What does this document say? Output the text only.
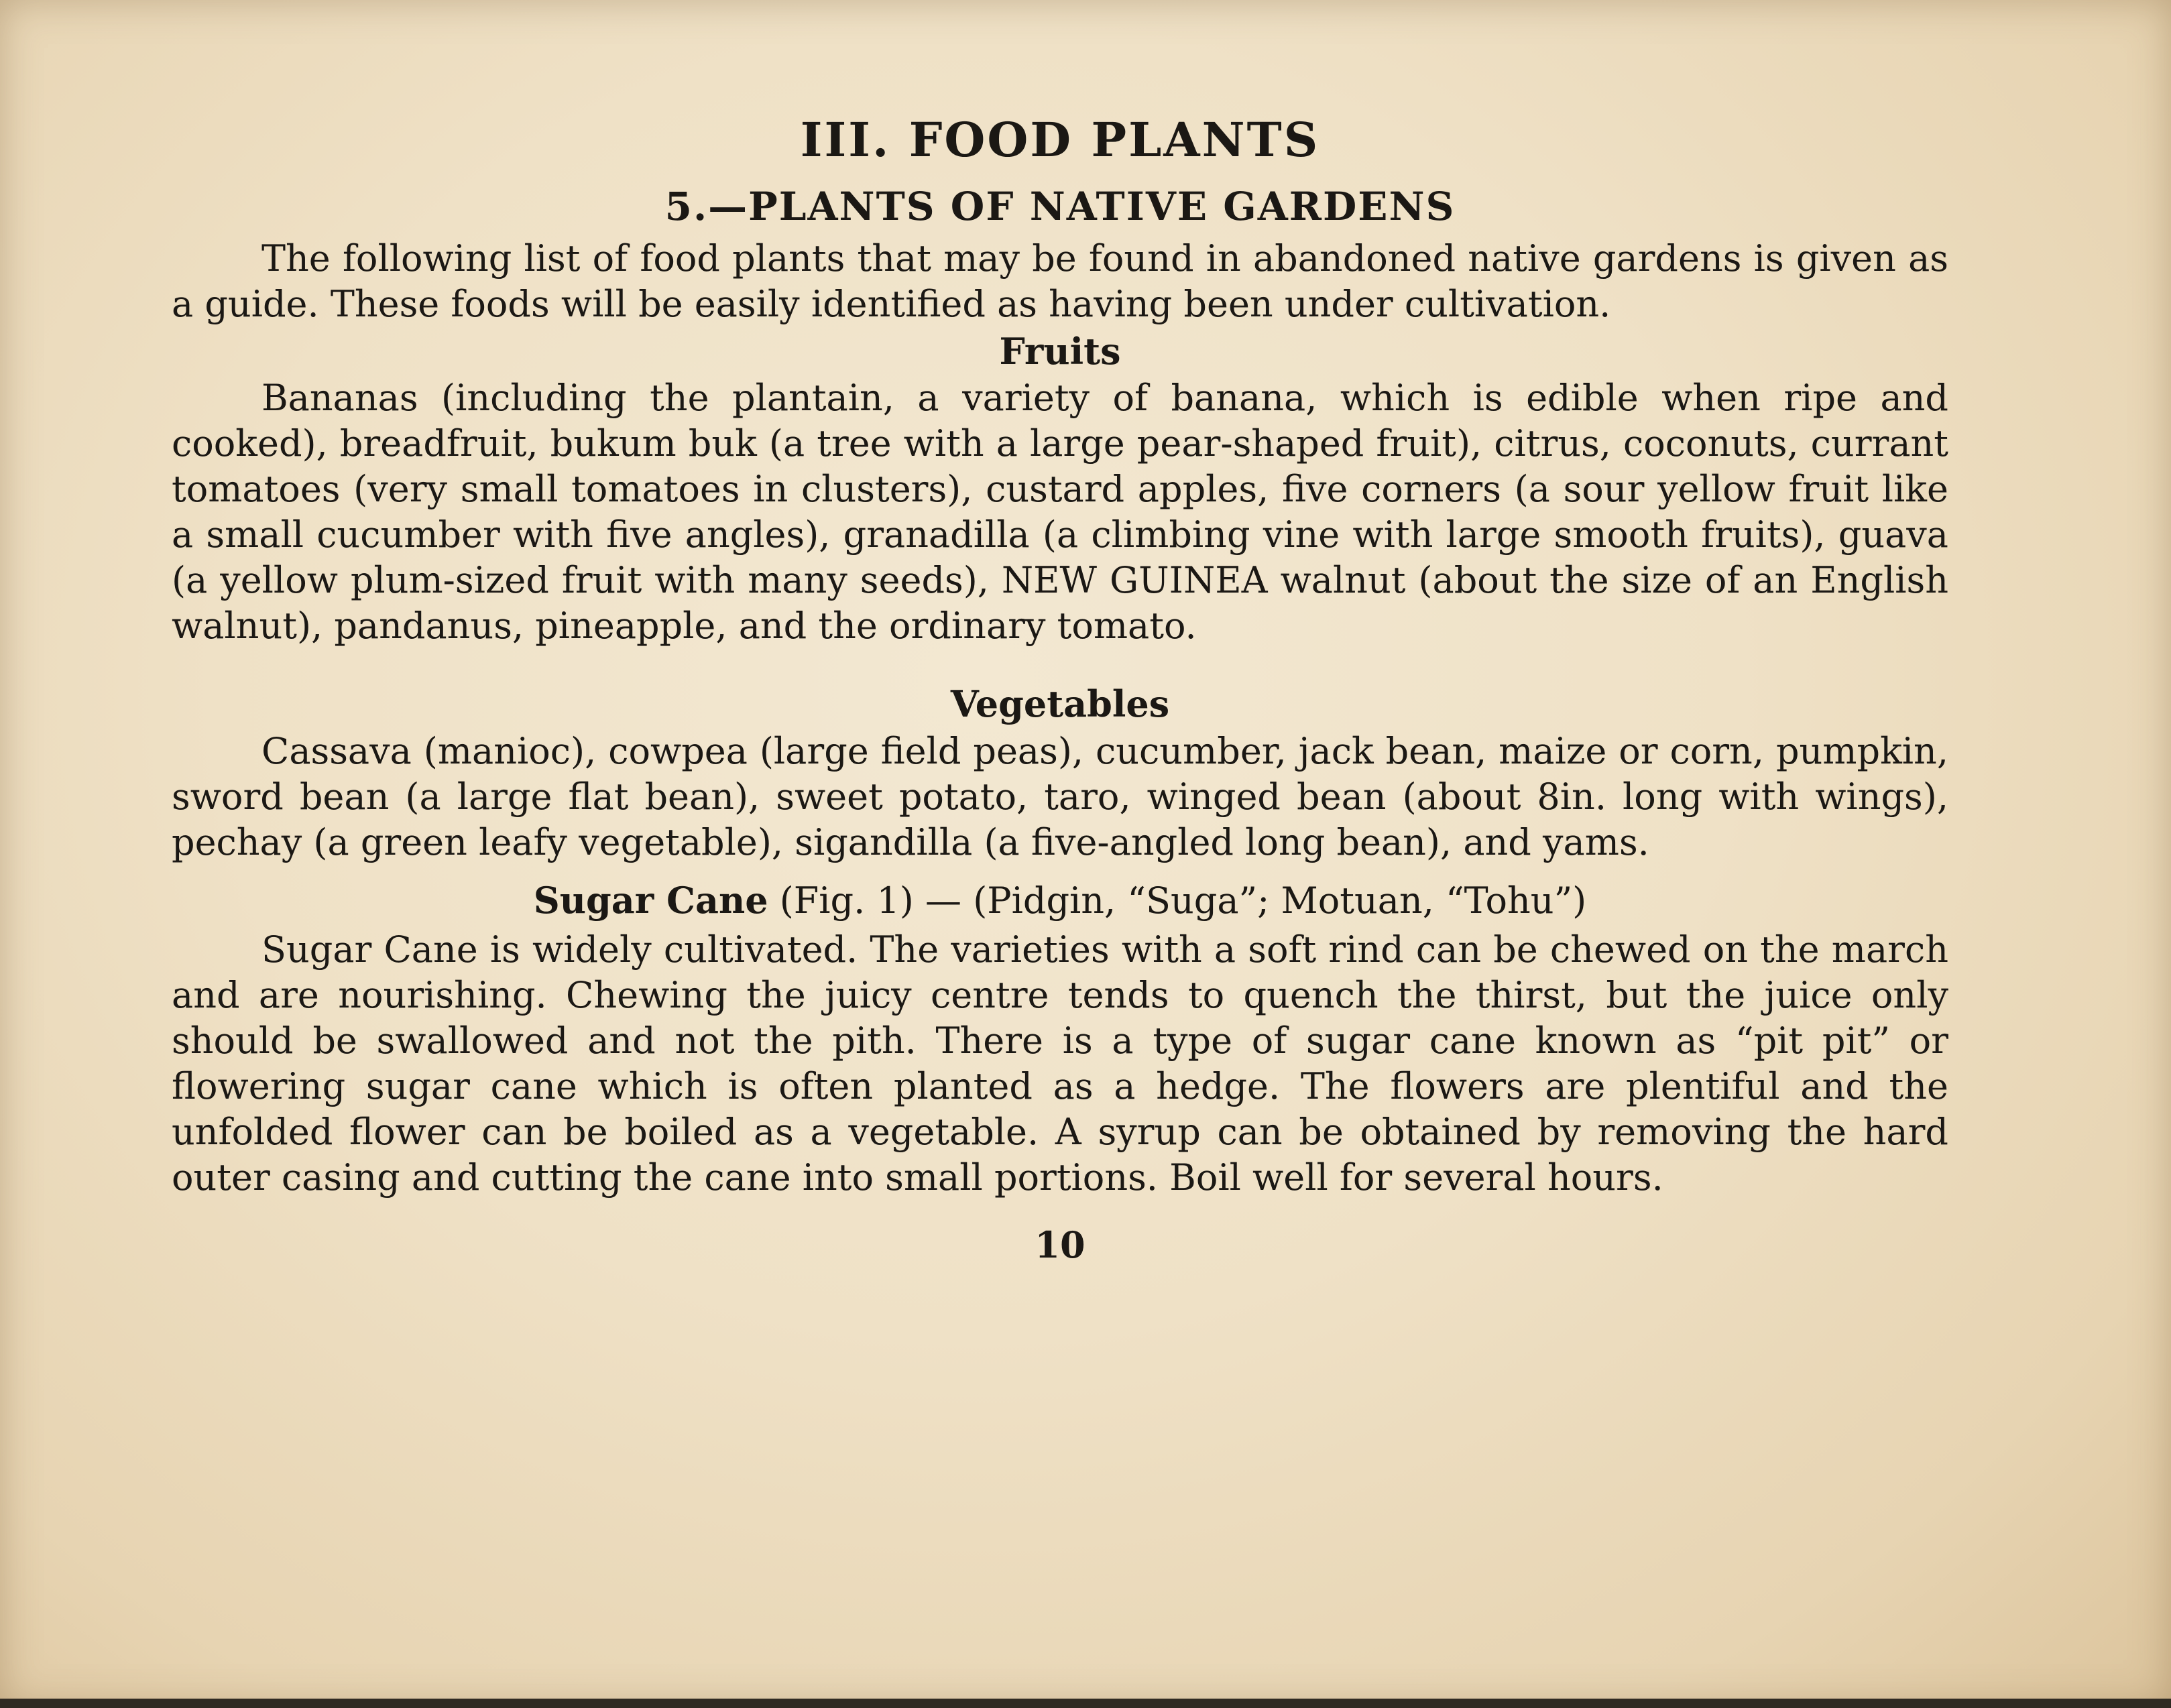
III. FOOD PLANTS
5.—PLANTS OF NATIVE GARDENS

The following list of food plants that may be found in abandoned native gardens is given as a guide. These foods will be easily identified as having been under cultivation.

Fruits

Bananas (including the plantain, a variety of banana, which is edible when ripe and cooked), breadfruit, bukum buk (a tree with a large pear-shaped fruit), citrus, coconuts, currant tomatoes (very small tomatoes in clusters), custard apples, five corners (a sour yellow fruit like a small cucumber with five angles), granadilla (a climbing vine with large smooth fruits), guava (a yellow plum-sized fruit with many seeds), NEW GUINEA walnut (about the size of an English walnut), pandanus, pineapple, and the ordinary tomato.

Vegetables

Cassava (manioc), cowpea (large field peas), cucumber, jack bean, maize or corn, pumpkin, sword bean (a large flat bean), sweet potato, taro, winged bean (about 8in. long with wings), pechay (a green leafy vegetable), sigandilla (a five-angled long bean), and yams.

Sugar Cane (Fig. 1) — (Pidgin, “Suga”; Motuan, “Tohu”)

Sugar Cane is widely cultivated. The varieties with a soft rind can be chewed on the march and are nourishing. Chewing the juicy centre tends to quench the thirst, but the juice only should be swallowed and not the pith. There is a type of sugar cane known as “pit pit” or flowering sugar cane which is often planted as a hedge. The flowers are plentiful and the unfolded flower can be boiled as a vegetable. A syrup can be obtained by removing the hard outer casing and cutting the cane into small portions. Boil well for several hours.

10
